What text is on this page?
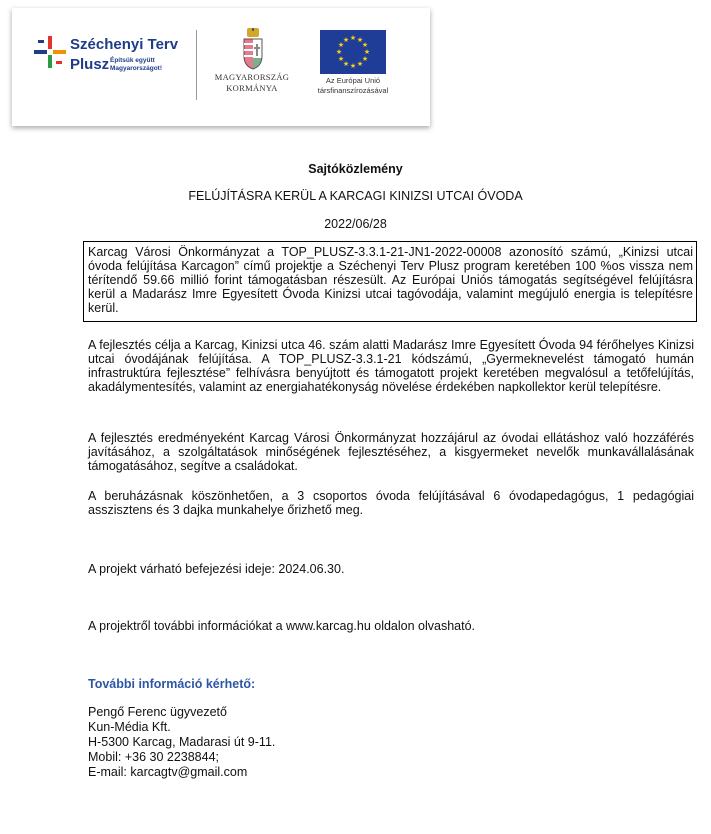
Széchenyi Terv
Plusz Építsük együtt
Magyarországot!
MAGYARORSZÁG
KORMÁNYA
★ ★
★
★
★
★
★
★
★
★
★
★
Az Európai Unió
társfinanszírozásával
Sajtóközlemény
FELÚJÍTÁSRA KERÜL A KARCAGI KINIZSI UTCAI ÓVODA
2022/06/28

Karcag Városi Önkormányzat a TOP_PLUSZ-3.3.1-21-JN1-2022-00008 azonosító számú, „Kinizsi utcai óvoda felújítása Karcagon” című projektje a Széchenyi Terv Plusz program keretében 100 %os vissza nem térítendő 59.66 millió forint támogatásban részesült. Az Európai Uniós támogatás segítségével felújításra kerül a Madarász Imre Egyesített Óvoda Kinizsi utcai tagóvodája, valamint megújuló energia is telepítésre kerül.

A fejlesztés célja a Karcag, Kinizsi utca 46. szám alatti Madarász Imre Egyesített Óvoda 94 férőhelyes Kinizsi utcai óvodájának felújítása. A TOP_PLUSZ-3.3.1-21 kódszámú, „Gyermeknevelést támogató humán infrastruktúra fejlesztése” felhívásra benyújtott és támogatott projekt keretében megvalósul a tetőfelújítás, akadálymentesítés, valamint az energiahatékonyság növelése érdekében napkollektor kerül telepítésre.

A fejlesztés eredményeként Karcag Városi Önkormányzat hozzájárul az óvodai ellátáshoz való hozzáférés javításához, a szolgáltatások minőségének fejlesztéséhez, a kisgyermeket nevelők munkavállalásának támogatásához, segítve a családokat.

A beruházásnak köszönhetően, a 3 csoportos óvoda felújításával 6 óvodapedagógus, 1 pedagógiai asszisztens és 3 dajka munkahelye őrizhető meg.

A projekt várható befejezési ideje: 2024.06.30.

A projektről további információkat a www.karcag.hu oldalon olvasható.

További információ kérhető:
Pengő Ferenc ügyvezető
Kun-Média Kft.
H-5300 Karcag, Madarasi út 9-11.
Mobil: +36 30 2238844;
E-mail: karcagtv@gmail.com
